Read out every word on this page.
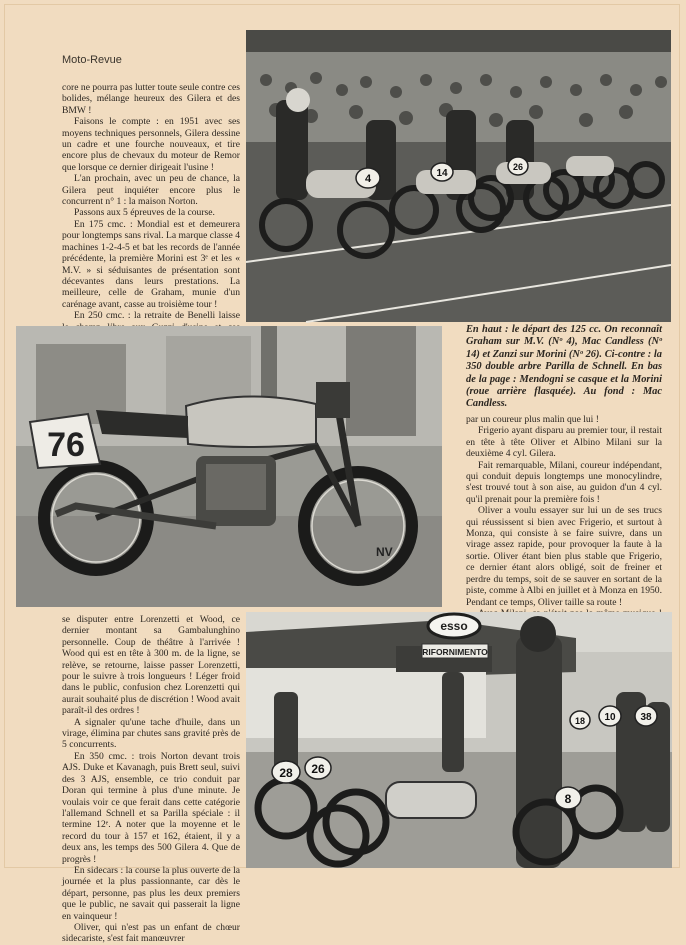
Moto-Revue

core ne pourra pas lutter toute seule contre ces bolides, mélange heureux des Gilera et des BMW !

Faisons le compte : en 1951 avec ses moyens techniques personnels, Gilera dessine un cadre et une fourche nouveaux, et tire encore plus de chevaux du moteur de Remor que lorsque ce dernier dirigeait l'usine !

L'an prochain, avec un peu de chance, la Gilera peut inquiéter encore plus le concurrent n° 1 : la maison Norton.

Passons aux 5 épreuves de la course.

En 175 cmc. : Mondial est et demeurera pour longtemps sans rival. La marque classe 4 machines 1-2-4-5 et bat les records de l'année précédente, la première Morini est 3ᵉ et les « M.V. » si séduisantes de présentation sont décevantes dans leurs prestations. La meilleure, celle de Graham, munie d'un carénage avant, casse au troisième tour !

En 250 cmc. : la retraite de Benelli laisse

4	14
26
76
NV
En haut : le départ des 125 cc. On reconnaît Graham sur M.V. (Nᵒ 4), Mac Candless (Nᵒ 14) et Zanzi sur Morini (Nᵒ 26). Ci-contre : la 350 double arbre Parilla de Schnell. En bas de la page : Mendogni se casque et la Morini (roue arrière flasquée). Au fond : Mac Candless.

par un coureur plus malin que lui !

Frigerio ayant disparu au premier tour, il restait en tête à tête Oliver et Albino Milani sur la deuxième 4 cyl. Gilera.

Fait remarquable, Milani, coureur indépendant, qui conduit depuis longtemps une monocylindre, s'est trouvé tout à son aise, au guidon d'un 4 cyl. qu'il prenait pour la première fois !

Oliver a voulu essayer sur lui un de ses trucs qui réussissent si bien avec Frigerio, et surtout à Monza, qui consiste à se faire suivre, dans un virage assez rapide, pour provoquer la faute à la sortie. Oliver étant bien plus stable que Frigerio, ce dernier étant alors obligé, soit de freiner et perdre du temps, soit de se sauver en sortant de la piste, comme à Albi en juillet et à Monza en 1950. Pendant ce temps, Oliver taille sa route !

se disputer entre Lorenzetti et Wood, ce dernier montant sa Gambalunghino personnelle. Coup de théâtre à l'arrivée ! Wood qui est en tête à 300 m. de la ligne, se relève, se retourne, laisse passer Lorenzetti, pour le suivre à trois longueurs ! Léger froid dans le public, confusion chez Lorenzetti qui aurait souhaité plus de discrétion ! Wood avait paraît-il des ordres !

A signaler qu'une tache d'huile, dans un virage, élimina par chutes sans gravité près de 5 concurrents.

En 350 cmc. : trois Norton devant trois AJS. Duke et Kavanagh, puis Brett seul, suivi des 3 AJS, ensemble, ce trio conduit par Doran qui termine à plus d'une minute. Je voulais voir ce que ferait dans cette catégorie l'allemand Schnell et sa Parilla spéciale : il termine 12ᵉ. A noter que la moyenne et le record du tour à 157 et 162, étaient, il y a deux ans, les temps des 500 Gilera 4. Que de progrès !

En sidecars : la course la plus ouverte de la journée et la plus passionnante, car dès le départ, personne, pas plus les deux premiers que le public, ne savait qui passerait la ligne en vainqueur !

Oliver, qui n'est pas un enfant de chœur sidecariste, s'est fait manœuvrer

esso
RIFORNIMENTO
28 26
8
10 38
18
